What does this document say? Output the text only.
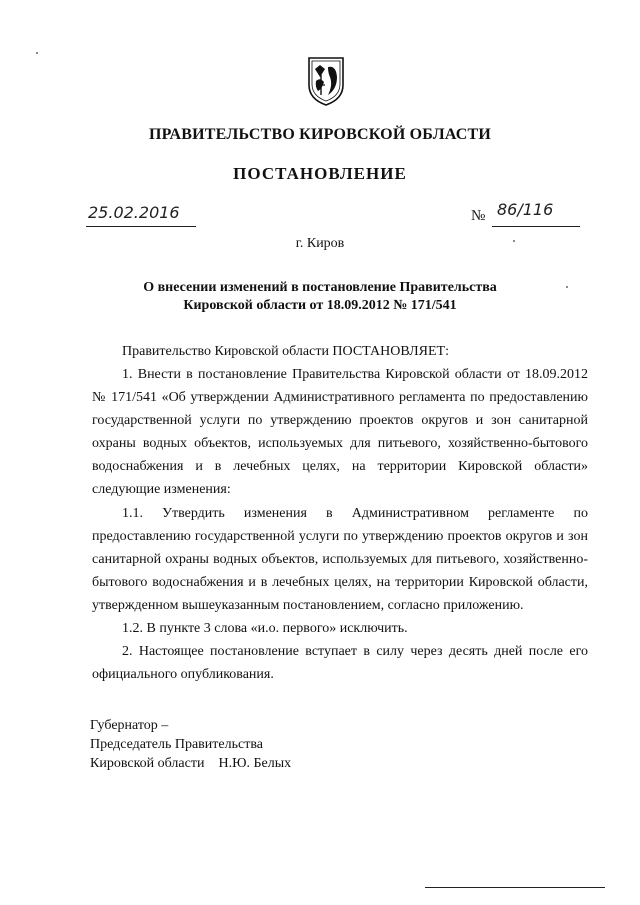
ПРАВИТЕЛЬСТВО КИРОВСКОЙ ОБЛАСТИ
ПОСТАНОВЛЕНИЕ
25.02.2016	№ 86/116
г. Киров
О внесении изменений в постановление Правительства
Кировской области от 18.09.2012 № 171/541

Правительство Кировской области ПОСТАНОВЛЯЕТ:

1. Внести в постановление Правительства Кировской области от 18.09.2012 № 171/541 «Об утверждении Административного регламента по предоставлению государственной услуги по утверждению проектов округов и зон санитарной охраны водных объектов, используемых для питьевого, хозяйственно-бытового водоснабжения и в лечебных целях, на территории Кировской области» следующие изменения:

1.1. Утвердить изменения в Административном регламенте по предоставлению государственной услуги по утверждению проектов округов и зон санитарной охраны водных объектов, используемых для питьевого, хозяйственно-бытового водоснабжения и в лечебных целях, на территории Кировской области, утвержденном вышеуказанным постановлением, согласно приложению.

1.2. В пункте 3 слова «и.о. первого» исключить.

2. Настоящее постановление вступает в силу через десять дней после его официального опубликования.

Губернатор –
Председатель Правительства
Кировской области Н.Ю. Белых
